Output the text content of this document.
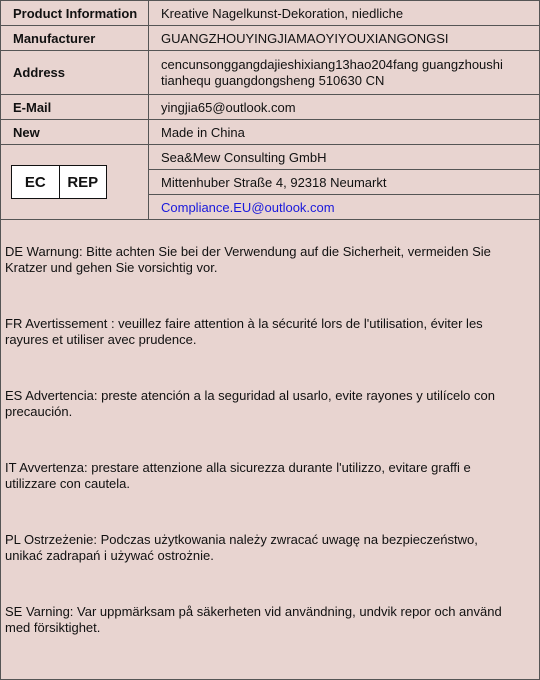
Product Information	Kreative Nagelkunst-Dekoration, niedliche
Manufacturer	GUANGZHOUYINGJIAMAOYIYOUXIANGONGSI
Address	cencunsonggangdajieshixiang13hao204fang guangzhoushi
tianhequ guangdongsheng 510630 CN

E-Mail	yingjia65@outlook.com
New	Made in China

EC REP	Sea&Mew Consulting GmbH
	Mittenhuber Straße 4, 92318 Neumarkt
	Compliance.EU@outlook.com

DE Warnung: Bitte achten Sie bei der Verwendung auf die Sicherheit, vermeiden Sie Kratzer und gehen Sie vorsichtig vor.

FR Avertissement : veuillez faire attention à la sécurité lors de l'utilisation, éviter les rayures et utiliser avec prudence.

ES Advertencia: preste atención a la seguridad al usarlo, evite rayones y utilícelo con precaución.

IT Avvertenza: prestare attenzione alla sicurezza durante l'utilizzo, evitare graffi e utilizzare con cautela.

PL Ostrzeżenie: Podczas użytkowania należy zwracać uwagę na bezpieczeństwo, unikać zadrapań i używać ostrożnie.

SE Varning: Var uppmärksam på säkerheten vid användning, undvik repor och använd med försiktighet.
